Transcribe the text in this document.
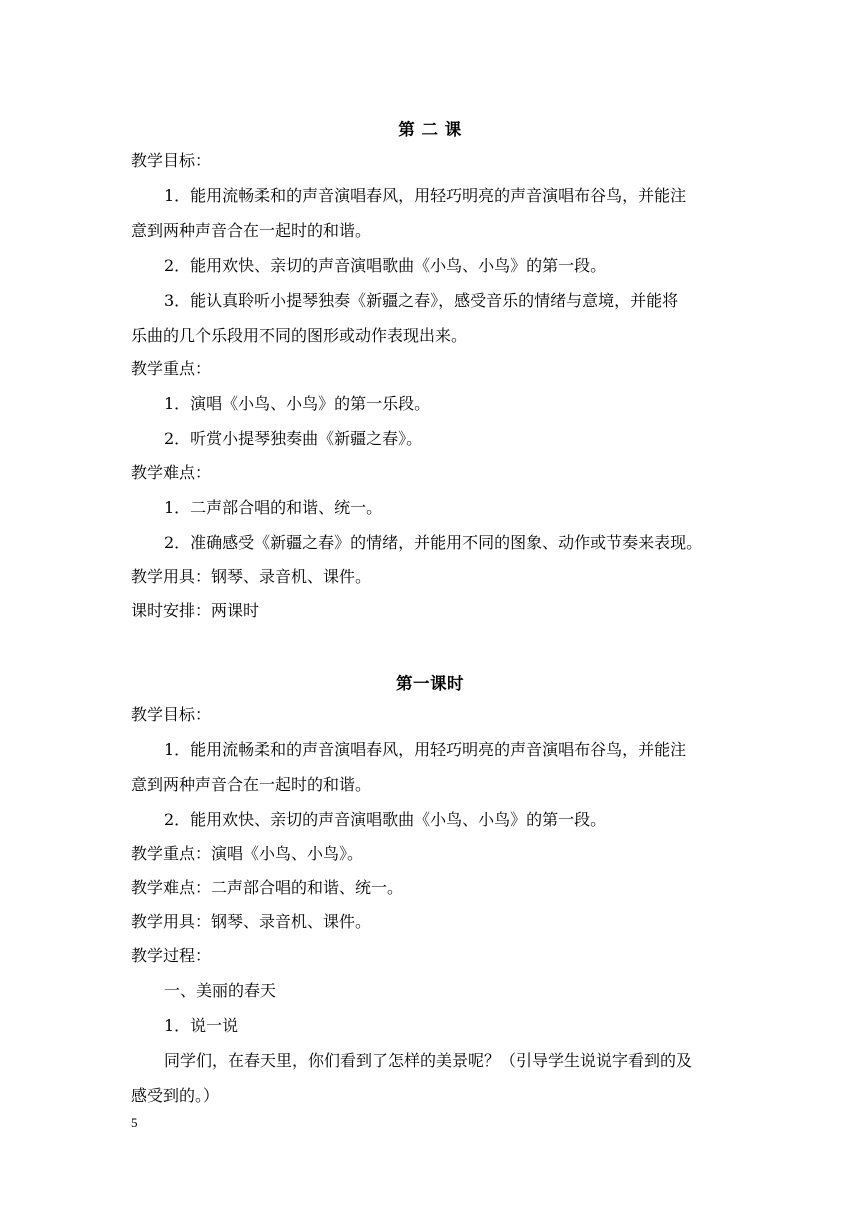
第 二 课
教学目标：
1．能用流畅柔和的声音演唱春风，用轻巧明亮的声音演唱布谷鸟，并能注
意到两种声音合在一起时的和谐。
2．能用欢快、亲切的声音演唱歌曲《小鸟、小鸟》的第一段。
3．能认真聆听小提琴独奏《新疆之春》，感受音乐的情绪与意境，并能将
乐曲的几个乐段用不同的图形或动作表现出来。
教学重点：
1．演唱《小鸟、小鸟》的第一乐段。
2．听赏小提琴独奏曲《新疆之春》。
教学难点：
1．二声部合唱的和谐、统一。
2．准确感受《新疆之春》的情绪，并能用不同的图象、动作或节奏来表现。
教学用具：钢琴、录音机、课件。
课时安排：两课时
第一课时
教学目标：
1．能用流畅柔和的声音演唱春风，用轻巧明亮的声音演唱布谷鸟，并能注
意到两种声音合在一起时的和谐。
2．能用欢快、亲切的声音演唱歌曲《小鸟、小鸟》的第一段。
教学重点：演唱《小鸟、小鸟》。
教学难点：二声部合唱的和谐、统一。
教学用具：钢琴、录音机、课件。
教学过程：
一、美丽的春天
1．说一说
同学们，在春天里，你们看到了怎样的美景呢？（引导学生说说字看到的及
感受到的。）
5
